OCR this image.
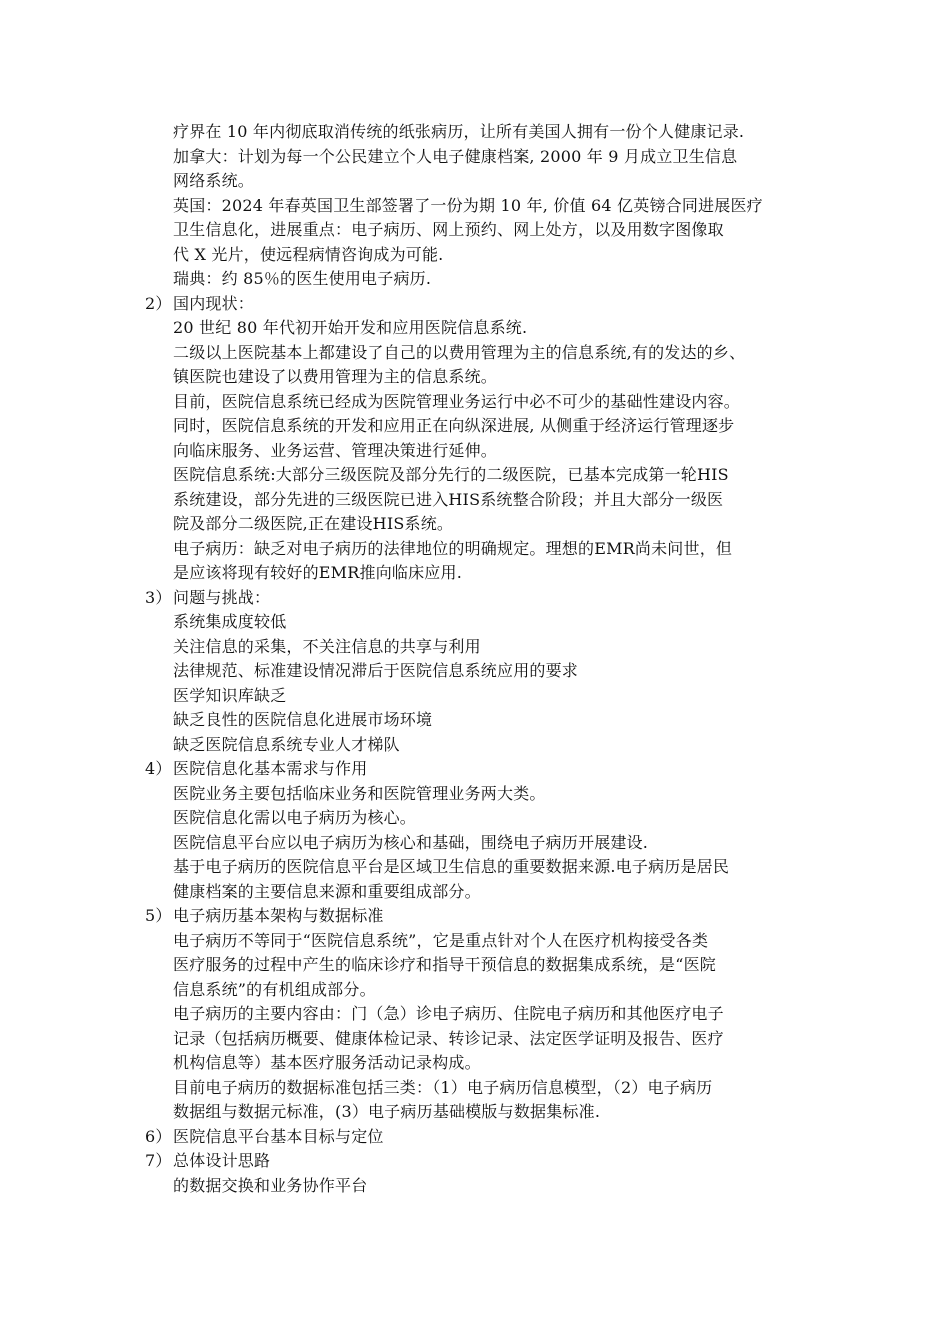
疗界在 10 年内彻底取消传统的纸张病历，让所有美国人拥有一份个人健康记录.
加拿大：计划为每一个公民建立个人电子健康档案, 2000 年 9 月成立卫生信息
网络系统。
英国：2024 年春英国卫生部签署了一份为期 10 年, 价值 64 亿英镑合同进展医疗
卫生信息化，进展重点：电子病历、网上预约、网上处方，以及用数字图像取
代 X 光片，使远程病情咨询成为可能.
瑞典：约 85％的医生使用电子病历.
2）国内现状：
20 世纪 80 年代初开始开发和应用医院信息系统.
二级以上医院基本上都建设了自己的以费用管理为主的信息系统,有的发达的乡、
镇医院也建设了以费用管理为主的信息系统。
目前，医院信息系统已经成为医院管理业务运行中必不可少的基础性建设内容。
同时，医院信息系统的开发和应用正在向纵深进展, 从侧重于经济运行管理逐步
向临床服务、业务运营、管理决策进行延伸。
医院信息系统:大部分三级医院及部分先行的二级医院，已基本完成第一轮HIS
系统建设，部分先进的三级医院已进入HIS系统整合阶段；并且大部分一级医
院及部分二级医院,正在建设HIS系统。
电子病历：缺乏对电子病历的法律地位的明确规定。理想的EMR尚未问世，但
是应该将现有较好的EMR推向临床应用.
3）问题与挑战：
系统集成度较低
关注信息的采集，不关注信息的共享与利用
法律规范、标准建设情况滞后于医院信息系统应用的要求
医学知识库缺乏
缺乏良性的医院信息化进展市场环境
缺乏医院信息系统专业人才梯队
4）医院信息化基本需求与作用
医院业务主要包括临床业务和医院管理业务两大类。
医院信息化需以电子病历为核心。
医院信息平台应以电子病历为核心和基础，围绕电子病历开展建设.
基于电子病历的医院信息平台是区域卫生信息的重要数据来源.电子病历是居民
健康档案的主要信息来源和重要组成部分。
5）电子病历基本架构与数据标准
电子病历不等同于“医院信息系统”，它是重点针对个人在医疗机构接受各类
医疗服务的过程中产生的临床诊疗和指导干预信息的数据集成系统，是“医院
信息系统”的有机组成部分。
电子病历的主要内容由：门（急）诊电子病历、住院电子病历和其他医疗电子
记录（包括病历概要、健康体检记录、转诊记录、法定医学证明及报告、医疗
机构信息等）基本医疗服务活动记录构成。
目前电子病历的数据标准包括三类：（1）电子病历信息模型，（2）电子病历
数据组与数据元标准，(3）电子病历基础模版与数据集标准.
6）医院信息平台基本目标与定位
7）总体设计思路
的数据交换和业务协作平台
